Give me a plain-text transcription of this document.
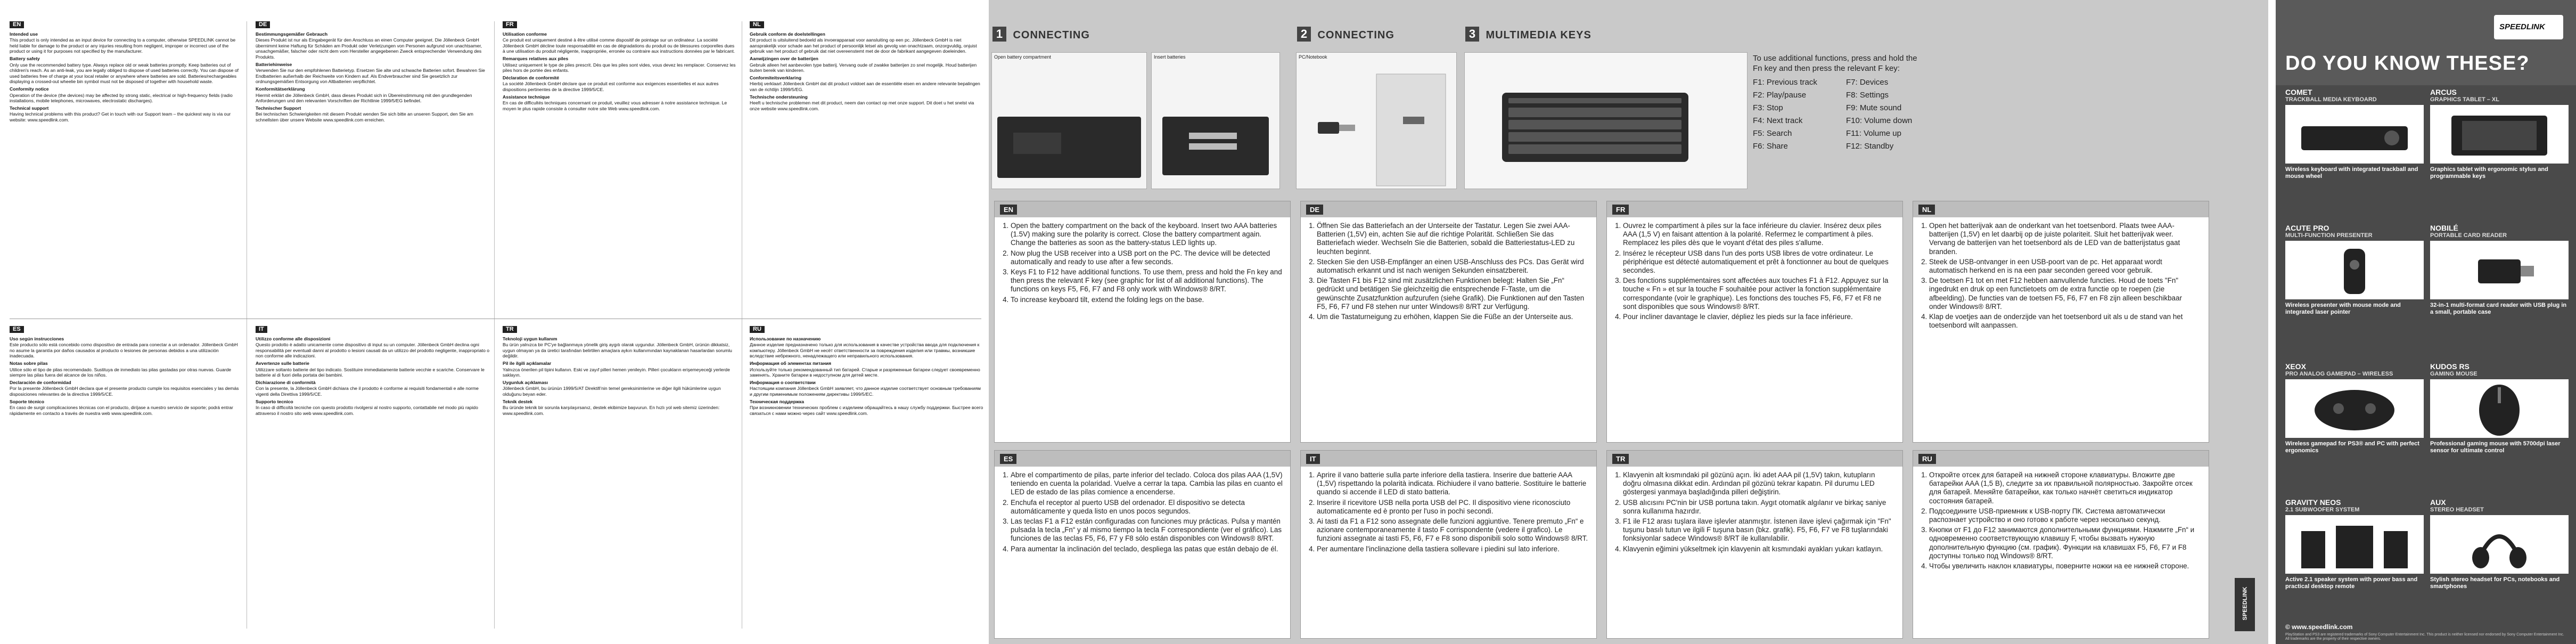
EN

Intended use

This product is only intended as an input device for connecting to a computer, otherwise SPEEDLINK cannot be held liable for damage to the product or any injuries resulting from negligent, improper or incorrect use of the product or using it for purposes not specified by the manufacturer.

Battery safety

Only use the recommended battery type. Always replace old or weak batteries promptly. Keep batteries out of children's reach. As an anti-leak, you are legally obliged to dispose of used batteries correctly. You can dispose of used batteries free of charge at your local retailer or anywhere where batteries are sold. Batteries/rechargeables displaying a crossed-out wheelie bin symbol must not be disposed of together with household waste.

Conformity notice

Operation of the device (the devices) may be affected by strong static, electrical or high-frequency fields (radio installations, mobile telephones, microwaves, electrostatic discharges).

Technical support

Having technical problems with this product? Get in touch with our Support team – the quickest way is via our website: www.speedlink.com.

DE

Bestimmungsgemäßer Gebrauch

Dieses Produkt ist nur als Eingabegerät für den Anschluss an einen Computer geeignet. Die Jöllenbeck GmbH übernimmt keine Haftung für Schäden am Produkt oder Verletzungen von Personen aufgrund von unachtsamer, unsachgemäßer, falscher oder nicht dem vom Hersteller angegebenen Zweck entsprechender Verwendung des Produkts.

Batteriehinweise

Verwenden Sie nur den empfohlenen Batterietyp. Ersetzen Sie alte und schwache Batterien sofort. Bewahren Sie Endbatterien außerhalb der Reichweite von Kindern auf. Als Endverbraucher sind Sie gesetzlich zur ordnungsgemäßen Entsorgung von Altbatterien verpflichtet.

Konformitätserklärung

Hiermit erklärt die Jöllenbeck GmbH, dass dieses Produkt sich in Übereinstimmung mit den grundlegenden Anforderungen und den relevanten Vorschriften der Richtlinie 1999/5/EG befindet.

Technischer Support

Bei technischen Schwierigkeiten mit diesem Produkt wenden Sie sich bitte an unseren Support, den Sie am schnellsten über unsere Website www.speedlink.com erreichen.

FR

Utilisation conforme

Ce produit est uniquement destiné à être utilisé comme dispositif de pointage sur un ordinateur. La société Jöllenbeck GmbH décline toute responsabilité en cas de dégradations du produit ou de blessures corporelles dues à une utilisation du produit négligente, inappropriée, erronée ou contraire aux instructions données par le fabricant.

Remarques relatives aux piles

Utilisez uniquement le type de piles prescrit. Dès que les piles sont vides, vous devez les remplacer. Conservez les piles hors de portée des enfants.

Déclaration de conformité

La société Jöllenbeck GmbH déclare que ce produit est conforme aux exigences essentielles et aux autres dispositions pertinentes de la directive 1999/5/CE.

Assistance technique

En cas de difficultés techniques concernant ce produit, veuillez vous adresser à notre assistance technique. Le moyen le plus rapide consiste à consulter notre site Web www.speedlink.com.

NL

Gebruik conform de doelstellingen

Dit product is uitsluitend bedoeld als invoerapparaat voor aansluiting op een pc. Jöllenbeck GmbH is niet aansprakelijk voor schade aan het product of persoonlijk letsel als gevolg van onachtzaam, onzorgvuldig, onjuist gebruik van het product of gebruik dat niet overeenstemt met de door de fabrikant aangegeven doeleinden.

Aanwijzingen over de batterijen

Gebruik alleen het aanbevolen type batterij. Vervang oude of zwakke batterijen zo snel mogelijk. Houd batterijen buiten bereik van kinderen.

Conformiteitsverklaring

Hierbij verklaart Jöllenbeck GmbH dat dit product voldoet aan de essentiële eisen en andere relevante bepalingen van de richtlijn 1999/5/EG.

Technische ondersteuning

Heeft u technische problemen met dit product, neem dan contact op met onze support. Dit doet u het snelst via onze website www.speedlink.com.

ES

Uso según instrucciones

Este producto sólo está concebido como dispositivo de entrada para conectar a un ordenador. Jöllenbeck GmbH no asume la garantía por daños causados al producto o lesiones de personas debidos a una utilización inadecuada.

Notas sobre pilas

Utilice sólo el tipo de pilas recomendado. Sustituya de inmediato las pilas gastadas por otras nuevas. Guarde siempre las pilas fuera del alcance de los niños.

Declaración de conformidad

Por la presente Jöllenbeck GmbH declara que el presente producto cumple los requisitos esenciales y las demás disposiciones relevantes de la directiva 1999/5/CE.

Soporte técnico

En caso de surgir complicaciones técnicas con el producto, diríjase a nuestro servicio de soporte; podrá entrar rápidamente en contacto a través de nuestra web www.speedlink.com.

IT

Utilizzo conforme alle disposizioni

Questo prodotto è adatto unicamente come dispositivo di input su un computer. Jöllenbeck GmbH declina ogni responsabilità per eventuali danni al prodotto o lesioni causati da un utilizzo del prodotto negligente, inappropriato o non conforme alle indicazioni.

Avvertenze sulle batterie

Utilizzare soltanto batterie del tipo indicato. Sostituire immediatamente batterie vecchie e scariche. Conservare le batterie al di fuori della portata dei bambini.

Dichiarazione di conformità

Con la presente, la Jöllenbeck GmbH dichiara che il prodotto è conforme ai requisiti fondamentali e alle norme vigenti della Direttiva 1999/5/CE.

Supporto tecnico

In caso di difficoltà tecniche con questo prodotto rivolgersi al nostro supporto, contattabile nel modo più rapido attraverso il nostro sito web www.speedlink.com.

TR

Teknoloji uygun kullanım

Bu ürün yalnızca bir PC'ye bağlanmaya yönelik giriş aygıtı olarak uygundur. Jöllenbeck GmbH, ürünün dikkatsiz, uygun olmayan ya da üretici tarafından belirtilen amaçlara aykırı kullanımından kaynaklanan hasarlardan sorumlu değildir.

Pil ile ilgili açıklamalar

Yalnızca önerilen pil tipini kullanın. Eski ve zayıf pilleri hemen yenileyin. Pilleri çocukların erişemeyeceği yerlerde saklayın.

Uygunluk açıklaması

Jöllenbeck GmbH, bu ürünün 1999/5/AT Direktifi'nin temel gereksinimlerine ve diğer ilgili hükümlerine uygun olduğunu beyan eder.

Teknik destek

Bu üründe teknik bir sorunla karşılaşırsanız, destek ekibimize başvurun. En hızlı yol web sitemiz üzerinden: www.speedlink.com.

RU

Использование по назначению

Данное изделие предназначено только для использования в качестве устройства ввода для подключения к компьютеру. Jöllenbeck GmbH не несёт ответственности за повреждения изделия или травмы, возникшие вследствие небрежного, ненадлежащего или неправильного использования.

Информация об элементах питания

Используйте только рекомендованный тип батарей. Старые и разряженные батареи следует своевременно заменять. Храните батареи в недоступном для детей месте.

Информация о соответствии

Настоящим компания Jöllenbeck GmbH заявляет, что данное изделие соответствует основным требованиям и другим применимым положениям директивы 1999/5/EC.

Техническая поддержка

При возникновении технических проблем с изделием обращайтесь в нашу службу поддержки. Быстрее всего связаться с нами можно через сайт www.speedlink.com.

1 CONNECTING
Open battery compartment	Insert batteries
2 CONNECTING
PC/Notebook
3 MULTIMEDIA KEYS
To use additional functions, press and hold the Fn key and then press the relevant F key:
F1: Previous track
F2: Play/pause
F3: Stop
F4: Next track
F5: Search
F6: Share
F7: Devices
F8: Settings
F9: Mute sound
F10: Volume down
F11: Volume up
F12: Standby
EN
1. Open the battery compartment on the back of the keyboard. Insert two AAA batteries (1.5V) making sure the polarity is correct. Close the battery compartment again. Change the batteries as soon as the battery-status LED lights up.
2. Now plug the USB receiver into a USB port on the PC. The device will be detected automatically and ready to use after a few seconds.
3. Keys F1 to F12 have additional functions. To use them, press and hold the Fn key and then press the relevant F key (see graphic for list of all additional functions). The functions on keys F5, F6, F7 and F8 only work with Windows® 8/RT.
4. To increase keyboard tilt, extend the folding legs on the base.
DE
1. Öffnen Sie das Batteriefach an der Unterseite der Tastatur. Legen Sie zwei AAA-Batterien (1,5V) ein, achten Sie auf die richtige Polarität. Schließen Sie das Batteriefach wieder. Wechseln Sie die Batterien, sobald die Batteriestatus-LED zu leuchten beginnt.
2. Stecken Sie den USB-Empfänger an einen USB-Anschluss des PCs. Das Gerät wird automatisch erkannt und ist nach wenigen Sekunden einsatzbereit.
3. Die Tasten F1 bis F12 sind mit zusätzlichen Funktionen belegt: Halten Sie „Fn“ gedrückt und betätigen Sie gleichzeitig die entsprechende F-Taste, um die gewünschte Zusatzfunktion aufzurufen (siehe Grafik). Die Funktionen auf den Tasten F5, F6, F7 und F8 stehen nur unter Windows® 8/RT zur Verfügung.
4. Um die Tastaturneigung zu erhöhen, klappen Sie die Füße an der Unterseite aus.
FR
1. Ouvrez le compartiment à piles sur la face inférieure du clavier. Insérez deux piles AAA (1,5 V) en faisant attention à la polarité. Refermez le compartiment à piles. Remplacez les piles dès que le voyant d'état des piles s'allume.
2. Insérez le récepteur USB dans l'un des ports USB libres de votre ordinateur. Le périphérique est détecté automatiquement et prêt à fonctionner au bout de quelques secondes.
3. Des fonctions supplémentaires sont affectées aux touches F1 à F12. Appuyez sur la touche « Fn » et sur la touche F souhaitée pour activer la fonction supplémentaire correspondante (voir le graphique). Les fonctions des touches F5, F6, F7 et F8 ne sont disponibles que sous Windows® 8/RT.
4. Pour incliner davantage le clavier, dépliez les pieds sur la face inférieure.
NL
1. Open het batterijvak aan de onderkant van het toetsenbord. Plaats twee AAA-batterijen (1,5V) en let daarbij op de juiste polariteit. Sluit het batterijvak weer. Vervang de batterijen van het toetsenbord als de LED van de batterijstatus gaat branden.
2. Steek de USB-ontvanger in een USB-poort van de pc. Het apparaat wordt automatisch herkend en is na een paar seconden gereed voor gebruik.
3. De toetsen F1 tot en met F12 hebben aanvullende functies. Houd de toets "Fn" ingedrukt en druk op een functietoets om de extra functie op te roepen (zie afbeelding). De functies van de toetsen F5, F6, F7 en F8 zijn alleen beschikbaar onder Windows® 8/RT.
4. Klap de voetjes aan de onderzijde van het toetsenbord uit als u de stand van het toetsenbord wilt aanpassen.
ES
1. Abre el compartimento de pilas, parte inferior del teclado. Coloca dos pilas AAA (1,5V) teniendo en cuenta la polaridad. Vuelve a cerrar la tapa. Cambia las pilas en cuanto el LED de estado de las pilas comience a encenderse.
2. Enchufa el receptor al puerto USB del ordenador. El dispositivo se detecta automáticamente y queda listo en unos pocos segundos.
3. Las teclas F1 a F12 están configuradas con funciones muy prácticas. Pulsa y mantén pulsada la tecla „Fn“ y al mismo tiempo la tecla F correspondiente (ver el gráfico). Las funciones de las teclas F5, F6, F7 y F8 sólo están disponibles con Windows® 8/RT.
4. Para aumentar la inclinación del teclado, despliega las patas que están debajo de él.
IT
1. Aprire il vano batterie sulla parte inferiore della tastiera. Inserire due batterie AAA (1,5V) rispettando la polarità indicata. Richiudere il vano batterie. Sostituire le batterie quando si accende il LED di stato batteria.
2. Inserire il ricevitore USB nella porta USB del PC. Il dispositivo viene riconosciuto automaticamente ed è pronto per l'uso in pochi secondi.
3. Ai tasti da F1 a F12 sono assegnate delle funzioni aggiuntive. Tenere premuto „Fn“ e azionare contemporaneamente il tasto F corrispondente (vedere il grafico). Le funzioni assegnate ai tasti F5, F6, F7 e F8 sono disponibili solo sotto Windows® 8/RT.
4. Per aumentare l'inclinazione della tastiera sollevare i piedini sul lato inferiore.
TR
1. Klavyenin alt kısmındaki pil gözünü açın. İki adet AAA pil (1,5V) takın, kutupların doğru olmasına dikkat edin. Ardından pil gözünü tekrar kapatın. Pil durumu LED göstergesi yanmaya başladığında pilleri değiştirin.
2. USB alıcısını PC'nin bir USB portuna takın. Aygıt otomatik algılanır ve birkaç saniye sonra kullanıma hazırdır.
3. F1 ile F12 arası tuşlara ilave işlevler atanmıştır. İstenen ilave işlevi çağırmak için "Fn" tuşunu basılı tutun ve ilgili F tuşuna basın (bkz. grafik). F5, F6, F7 ve F8 tuşlarındaki fonksiyonlar sadece Windows® 8/RT ile kullanılabilir.
4. Klavyenin eğimini yükseltmek için klavyenin alt kısmındaki ayakları yukarı katlayın.
RU
1. Откройте отсек для батарей на нижней стороне клавиатуры. Вложите две батарейки AAA (1,5 В), следите за их правильной полярностью. Закройте отсек для батарей. Меняйте батарейки, как только начнёт светиться индикатор состояния батарей.
2. Подсоедините USB-приемник к USB-порту ПК. Система автоматически распознает устройство и оно готово к работе через несколько секунд.
3. Кнопки от F1 до F12 занимаются дополнительными функциями. Нажмите „Fn“ и одновременно соответствующую клавишу F, чтобы вызвать нужную дополнительную функцию (см. график). Функции на клавишах F5, F6, F7 и F8 доступны только под Windows® 8/RT.
4. Чтобы увеличить наклон клавиатуры, поверните ножки на ее нижней стороне.
SPEEDLINK
SPEEDLINK
DO YOU KNOW THESE?
COMET
TRACKBALL MEDIA KEYBOARD
Wireless keyboard with integrated trackball and mouse wheel
ARCUS
GRAPHICS TABLET – XL
Graphics tablet with ergonomic stylus and programmable keys
ACUTE PRO
MULTI-FUNCTION PRESENTER
Wireless presenter with mouse mode and integrated laser pointer
NOBILÉ
PORTABLE CARD READER
32-in-1 multi-format card reader with USB plug in a small, portable case
XEOX
PRO ANALOG GAMEPAD – WIRELESS
Wireless gamepad for PS3® and PC with perfect ergonomics
KUDOS RS
GAMING MOUSE
Professional gaming mouse with 5700dpi laser sensor for ultimate control
GRAVITY NEOS
2.1 SUBWOOFER SYSTEM
Active 2.1 speaker system with power bass and practical desktop remote
AUX
STEREO HEADSET
Stylish stereo headset for PCs, notebooks and smartphones
© www.speedlink.com
PlayStation and PS3 are registered trademarks of Sony Computer Entertainment Inc. This product is neither licensed nor endorsed by Sony Computer Entertainment Inc. All trademarks are the property of their respective owners.
